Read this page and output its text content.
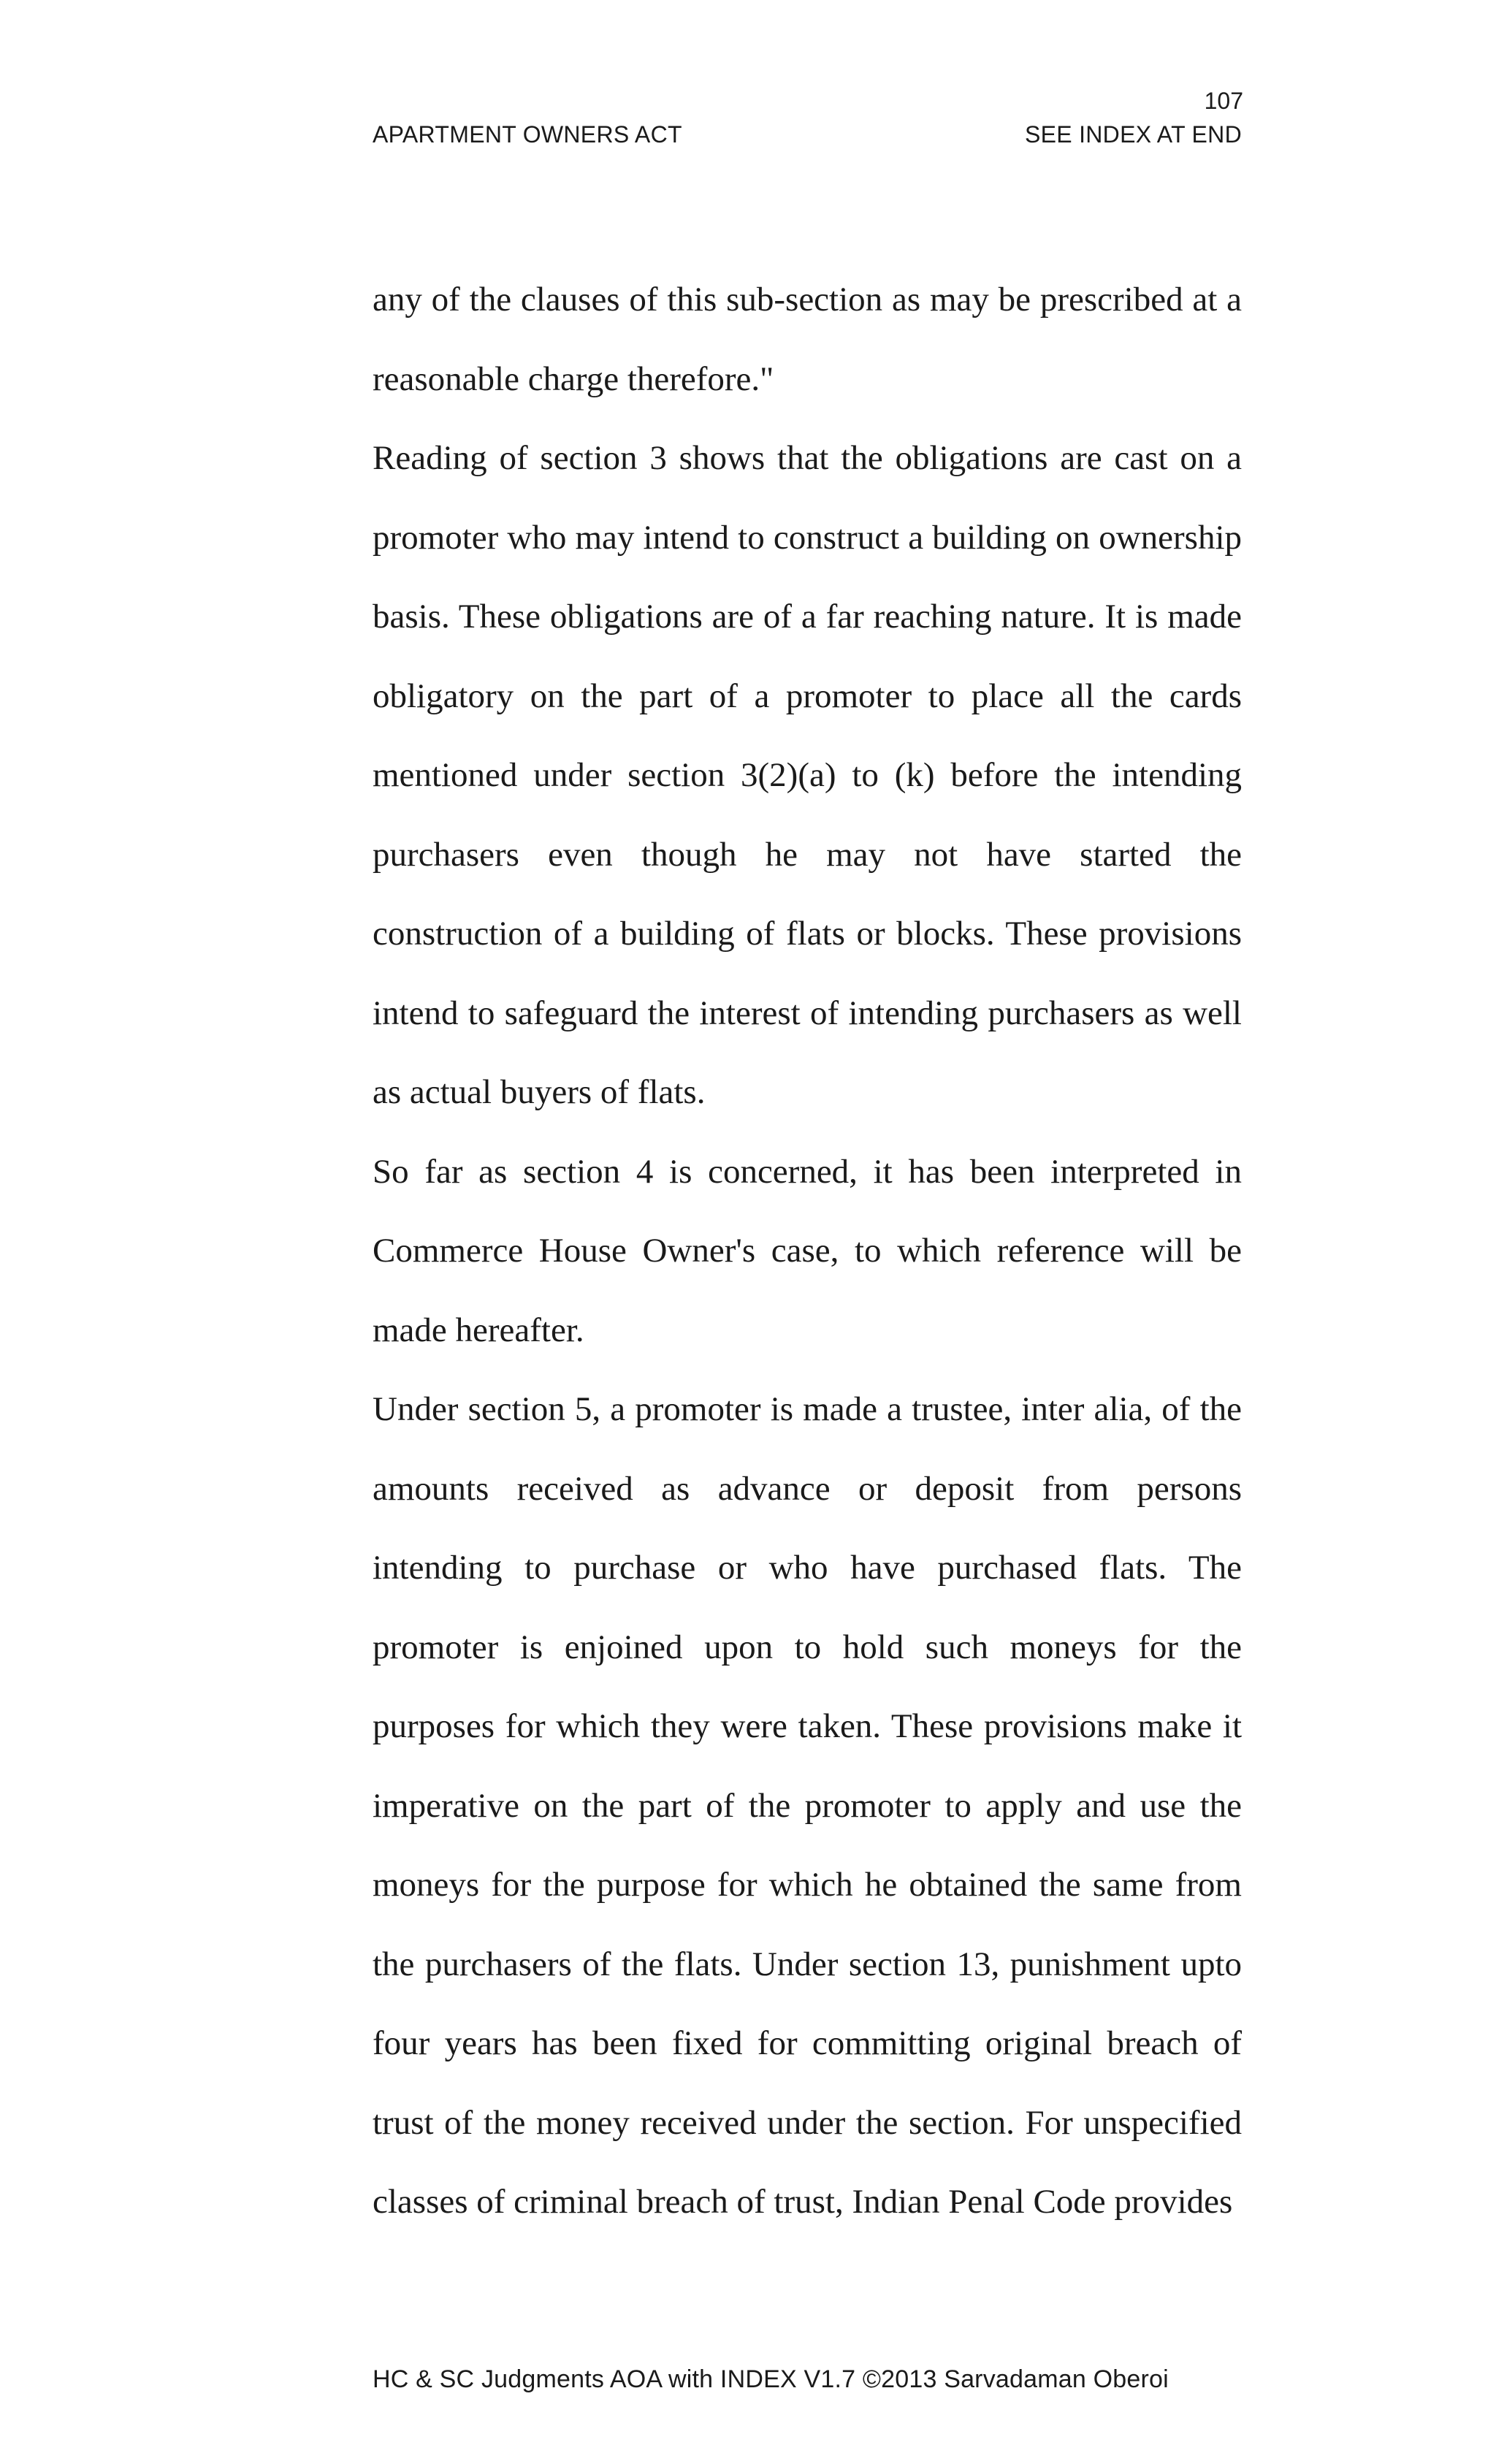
107
APARTMENT OWNERS ACT	SEE INDEX AT END

any of the clauses of this sub-section as may be prescribed at a reasonable charge therefore."

Reading of section 3 shows that the obligations are cast on a promoter who may intend to construct a building on ownership basis. These obligations are of a far reaching nature. It is made obligatory on the part of a promoter to place all the cards mentioned under section 3(2)(a) to (k) before the intending purchasers even though he may not have started the construction of a building of flats or blocks. These provisions intend to safeguard the interest of intending purchasers as well as actual buyers of flats.

So far as section 4 is concerned, it has been interpreted in Commerce House Owner's case, to which reference will be made hereafter.

Under section 5, a promoter is made a trustee, inter alia, of the amounts received as advance or deposit from persons intending to purchase or who have purchased flats. The promoter is enjoined upon to hold such moneys for the purposes for which they were taken. These provisions make it imperative on the part of the promoter to apply and use the moneys for the purpose for which he obtained the same from the purchasers of the flats. Under section 13, punishment upto four years has been fixed for committing original breach of trust of the money received under the section. For unspecified classes of criminal breach of trust, Indian Penal Code provides

HC & SC Judgments AOA with INDEX V1.7 ©2013 Sarvadaman Oberoi
